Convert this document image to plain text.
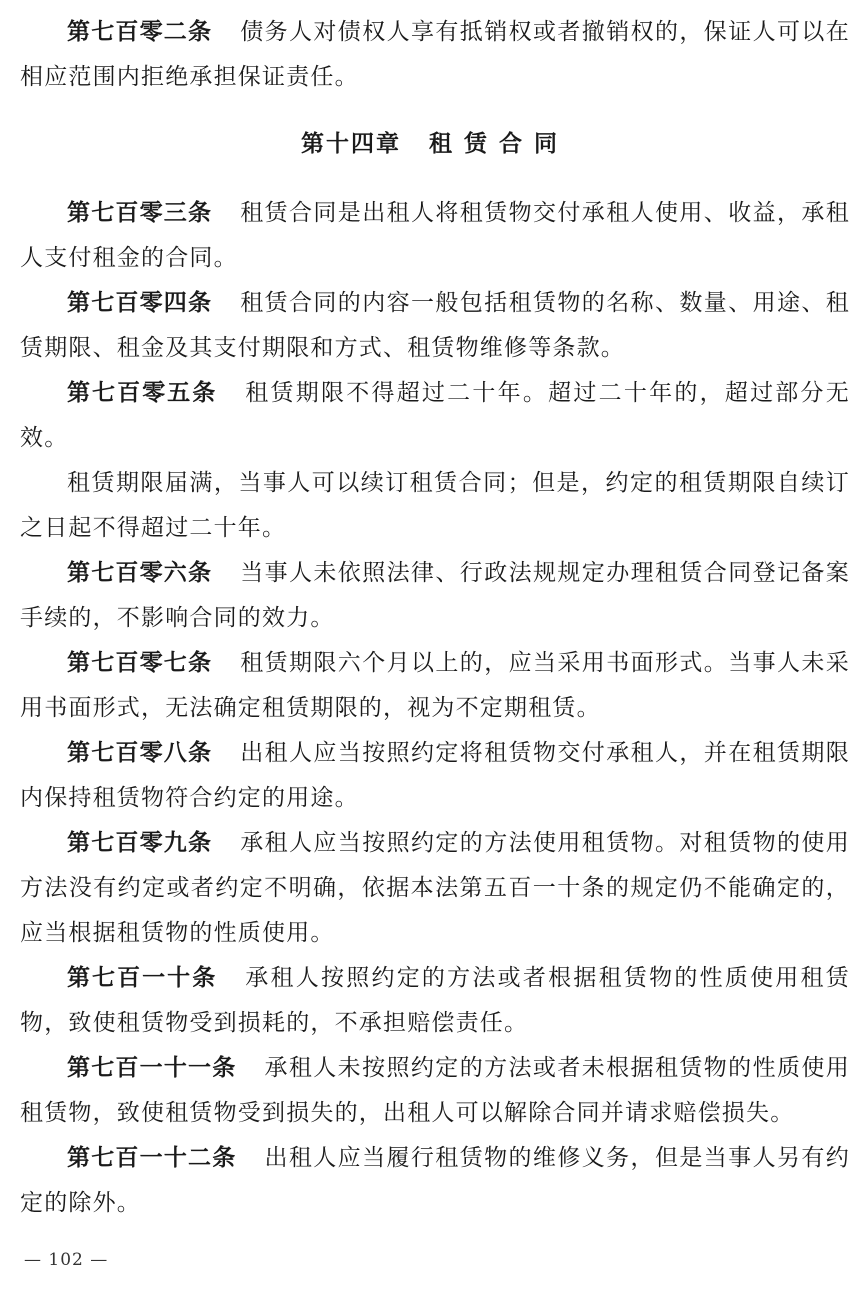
第七百零二条 债务人对债权人享有抵销权或者撤销权的，保证人可以在相应范围内拒绝承担保证责任。

第十四章 租赁合同

第七百零三条 租赁合同是出租人将租赁物交付承租人使用、收益，承租人支付租金的合同。

第七百零四条 租赁合同的内容一般包括租赁物的名称、数量、用途、租赁期限、租金及其支付期限和方式、租赁物维修等条款。

第七百零五条 租赁期限不得超过二十年。超过二十年的，超过部分无效。

租赁期限届满，当事人可以续订租赁合同；但是，约定的租赁期限自续订之日起不得超过二十年。

第七百零六条 当事人未依照法律、行政法规规定办理租赁合同登记备案手续的，不影响合同的效力。

第七百零七条 租赁期限六个月以上的，应当采用书面形式。当事人未采用书面形式，无法确定租赁期限的，视为不定期租赁。

第七百零八条 出租人应当按照约定将租赁物交付承租人，并在租赁期限内保持租赁物符合约定的用途。

第七百零九条 承租人应当按照约定的方法使用租赁物。对租赁物的使用方法没有约定或者约定不明确，依据本法第五百一十条的规定仍不能确定的，应当根据租赁物的性质使用。

第七百一十条 承租人按照约定的方法或者根据租赁物的性质使用租赁物，致使租赁物受到损耗的，不承担赔偿责任。

第七百一十一条 承租人未按照约定的方法或者未根据租赁物的性质使用租赁物，致使租赁物受到损失的，出租人可以解除合同并请求赔偿损失。

第七百一十二条 出租人应当履行租赁物的维修义务，但是当事人另有约定的除外。

— 102 —
